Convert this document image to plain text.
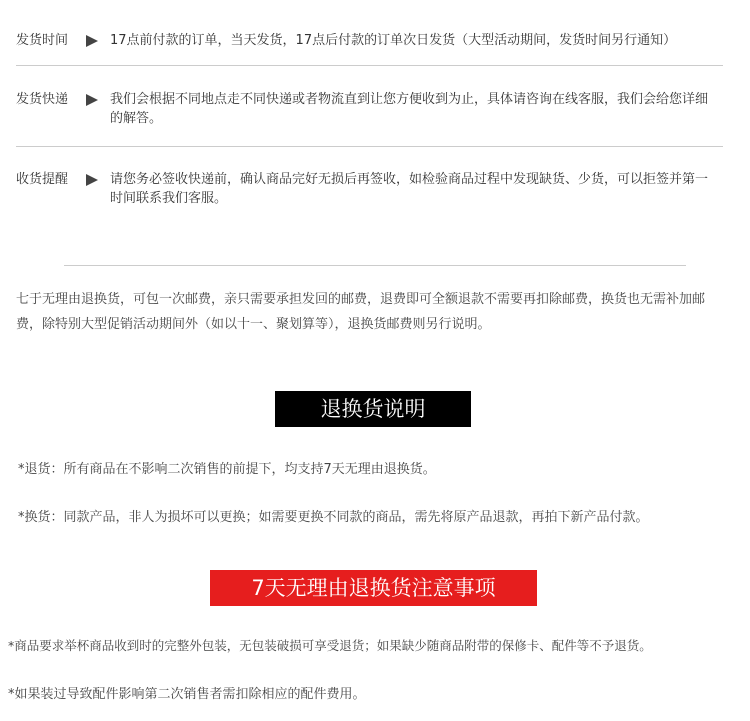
发货时间	17点前付款的订单，当天发货，17点后付款的订单次日发货（大型活动期间，发货时间另行通知）
发货快递	我们会根据不同地点走不同快递或者物流直到让您方便收到为止，具体请咨询在线客服，我们会给您详细的解答。
收货提醒	请您务必签收快递前，确认商品完好无损后再签收，如检验商品过程中发现缺货、少货，可以拒签并第一时间联系我们客服。
七于无理由退换货，可包一次邮费，亲只需要承担发回的邮费，退费即可全额退款不需要再扣除邮费，换货也无需补加邮费，除特别大型促销活动期间外（如以十一、聚划算等），退换货邮费则另行说明。
退换货说明
*退货：所有商品在不影响二次销售的前提下，均支持7天无理由退换货。
*换货：同款产品，非人为损坏可以更换；如需要更换不同款的商品，需先将原产品退款，再拍下新产品付款。
7天无理由退换货注意事项
*商品要求举杯商品收到时的完整外包装，无包装破损可享受退货；如果缺少随商品附带的保修卡、配件等不予退货。
*如果装过导致配件影响第二次销售者需扣除相应的配件费用。
